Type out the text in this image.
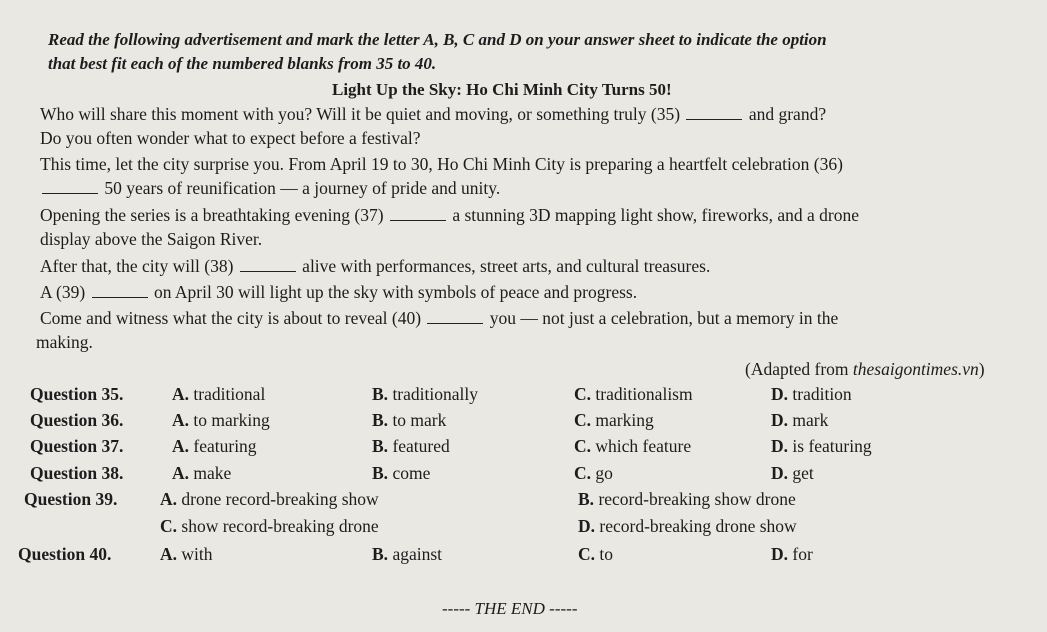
Read the following advertisement and mark the letter A, B, C and D on your answer sheet to indicate the option
that best fit each of the numbered blanks from 35 to 40.
Light Up the Sky: Ho Chi Minh City Turns 50!
Who will share this moment with you? Will it be quiet and moving, or something truly (35)	and grand?
Do you often wonder what to expect before a festival?
This time, let the city surprise you. From April 19 to 30, Ho Chi Minh City is preparing a heartfelt celebration (36)
50 years of reunification — a journey of pride and unity.
Opening the series is a breathtaking evening (37)	a stunning 3D mapping light show, fireworks, and a drone
display above the Saigon River.
After that, the city will (38)	alive with performances, street arts, and cultural treasures.
A (39)	on April 30 will light up the sky with symbols of peace and progress.
Come and witness what the city is about to reveal (40)	you — not just a celebration, but a memory in the
making.
(Adapted from thesaigontimes.vn)
Question 35.	A. traditional	B. traditionally	C. traditionalism	D. tradition
Question 36.	A. to marking	B. to mark	C. marking	D. mark
Question 37.	A. featuring	B. featured	C. which feature	D. is featuring
Question 38.	A. make	B. come	C. go	D. get
Question 39. A. drone record-breaking show	B. record-breaking show drone
C. show record-breaking drone	D. record-breaking drone show
Question 40.	A. with	B. against	C. to	D. for
----- THE END -----
